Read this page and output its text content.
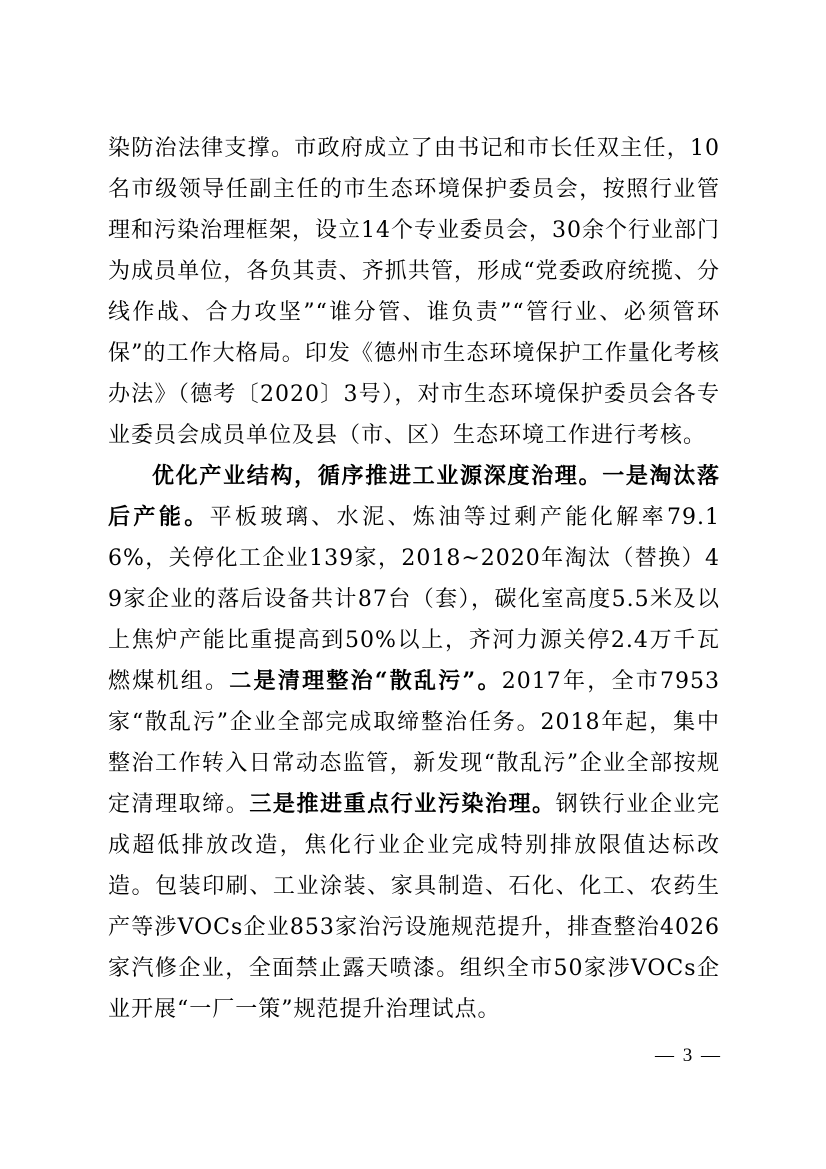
染防治法律支撑。市政府成立了由书记和市长任双主任，10名市级领导任副主任的市生态环境保护委员会，按照行业管理和污染治理框架，设立14个专业委员会，30余个行业部门为成员单位，各负其责、齐抓共管，形成“党委政府统揽、分线作战、合力攻坚”“谁分管、谁负责”“管行业、必须管环保”的工作大格局。印发《德州市生态环境保护工作量化考核办法》（德考〔2020〕3号），对市生态环境保护委员会各专业委员会成员单位及县（市、区）生态环境工作进行考核。

优化产业结构，循序推进工业源深度治理。一是淘汰落后产能。平板玻璃、水泥、炼油等过剩产能化解率79.16%，关停化工企业139家，2018~2020年淘汰（替换）49家企业的落后设备共计87台（套），碳化室高度5.5米及以上焦炉产能比重提高到50%以上，齐河力源关停2.4万千瓦燃煤机组。二是清理整治“散乱污”。2017年，全市7953家“散乱污”企业全部完成取缔整治任务。2018年起，集中整治工作转入日常动态监管，新发现“散乱污”企业全部按规定清理取缔。三是推进重点行业污染治理。钢铁行业企业完成超低排放改造，焦化行业企业完成特别排放限值达标改造。包装印刷、工业涂装、家具制造、石化、化工、农药生产等涉VOCs企业853家治污设施规范提升，排查整治4026家汽修企业，全面禁止露天喷漆。组织全市50家涉VOCs企业开展“一厂一策”规范提升治理试点。

— 3 —
